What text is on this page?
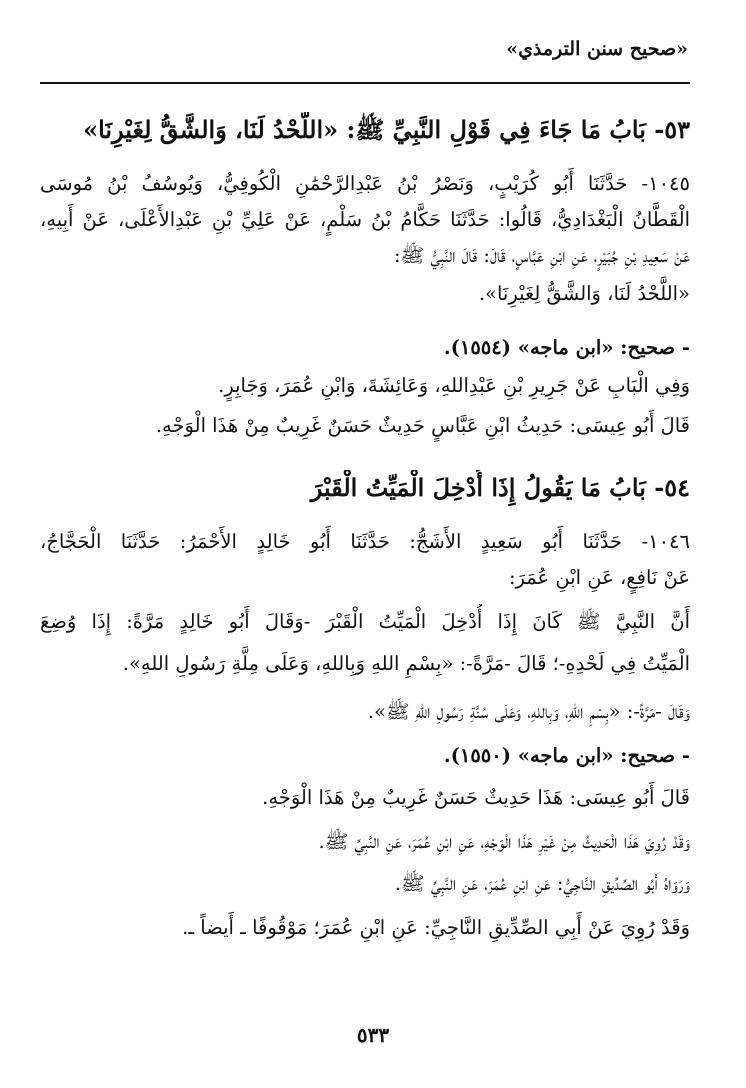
«صحيح سنن الترمذي»
٥٣- بَابُ مَا جَاءَ فِي قَوْلِ النَّبِيِّ ﷺ: «اللَّحْدُ لَنَا، وَالشَّقُّ لِغَيْرِنَا»
١٠٤٥- حَدَّثَنَا أَبُو كُرَيْبٍ، وَنَصْرُ بْنُ عَبْدِالرَّحْمَٰنِ الْكُوفِيُّ، وَيُوسُفُ بْنُ مُوسَى
الْقَطَّانُ الْبَغْدَادِيُّ، قَالُوا: حَدَّثَنَا حَكَّامُ بْنُ سَلْمٍ، عَنْ عَلِيِّ بْنِ عَبْدِالأَعْلَى، عَنْ أَبِيهِ،
عَنْ سَعِيدِ بْنِ جُبَيْرٍ، عَنِ ابْنِ عَبَّاسٍ، قَالَ: قَالَ النَّبِيُّ ﷺ:
«اللَّحْدُ لَنَا، وَالشَّقُّ لِغَيْرِنَا».
- صحيح: «ابن ماجه» (١٥٥٤).
وَفِي الْبَابِ عَنْ جَرِيرِ بْنِ عَبْدِاللهِ، وَعَائِشَةَ، وَابْنِ عُمَرَ، وَجَابِرٍ.
قَالَ أَبُو عِيسَى: حَدِيثُ ابْنِ عَبَّاسٍ حَدِيثٌ حَسَنٌ غَرِيبٌ مِنْ هَذَا الْوَجْهِ.
٥٤- بَابُ مَا يَقُولُ إِذَا أُدْخِلَ الْمَيِّتُ الْقَبْرَ
١٠٤٦- حَدَّثَنَا أَبُو سَعِيدٍ الأَشَجُّ: حَدَّثَنَا أَبُو خَالِدٍ الأَحْمَرُ: حَدَّثَنَا الْحَجَّاجُ،
عَنْ نَافِعٍ، عَنِ ابْنِ عُمَرَ:
أَنَّ النَّبِيَّ ﷺ كَانَ إِذَا أُدْخِلَ الْمَيِّتُ الْقَبْرَ -وَقَالَ أَبُو خَالِدٍ مَرَّةً: إِذَا وُضِعَ
الْمَيِّتُ فِي لَحْدِهِ-؛ قَالَ -مَرَّةً-: «بِسْمِ اللهِ وَبِاللهِ، وَعَلَى مِلَّةِ رَسُولِ اللهِ».
وَقَالَ -مَرَّةً-: «بِسْمِ اللهِ، وَبِاللهِ، وَعَلَى سُنَّةِ رَسُولِ اللهِ ﷺ».
- صحيح: «ابن ماجه» (١٥٥٠).
قَالَ أَبُو عِيسَى: هَذَا حَدِيثٌ حَسَنٌ غَرِيبٌ مِنْ هَذَا الْوَجْهِ.
وَقَدْ رُوِيَ هَذَا الْحَدِيثُ مِنْ غَيْرِ هَذَا الْوَجْهِ، عَنِ ابْنِ عُمَرَ، عَنِ النَّبِيِّ ﷺ.
وَرَوَاهُ أَبُو الصِّدِّيقِ النَّاجِيُّ: عَنِ ابْنِ عُمَرَ، عَنِ النَّبِيِّ ﷺ.
وَقَدْ رُوِيَ عَنْ أَبِي الصِّدِّيقِ النَّاجِيِّ: عَنِ ابْنِ عُمَرَ؛ مَوْقُوفًا ـ أَيضاً ـ.
٥٣٣
